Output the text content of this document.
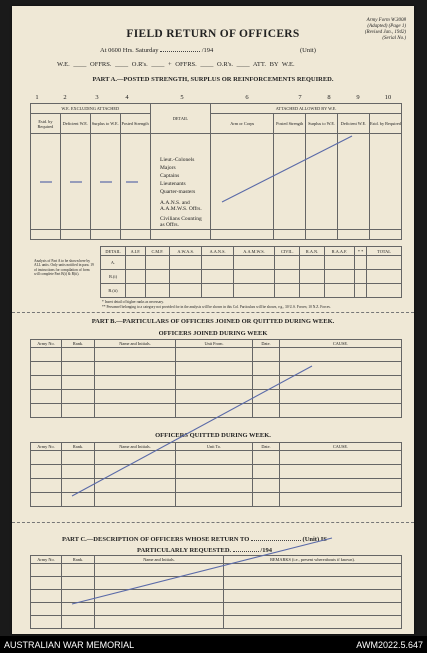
Army Form W.3008
(Adapted) (Page 1)
(Revised Jan., 1942)
(Serial No.)
FIELD RETURN OF OFFICERS
At 0600 Hrs. Saturday	/194	(Unit)
W.E. ____ OFFRS. ____ O.R's. ____ + OFFRS. ____ O.R's. ____ ATT. BY W.E.
PART A.—POSTED STRENGTH, SURPLUS OR REINFORCEMENTS REQUIRED.
1	2	3	4	5	6	7	8	9	10
W.E. EXCLUDING ATTACHED				DETAIL	ATTACHED ALLOWED BY W.E.				
Estd. by Required	Deficient W.E.	Surplus to W.E.	Posted Strength		Arm or Corps	Posted Strength	Surplus to W.E.	Deficient W.E.	Estd. by Required

Lieut.-Colonels
Majors
Captains
Lieutenants
Quarter-masters
A.A.N.S. and
A.A.M.W.S. Offrs.
Civilians Counting
as Offrs.
Analysis of Part A to be shown here by ALL units. Only units notified in para. 19 of instructions for compilation of form will complete Part B(i) & B(ii).
DETAIL	A.I.F.	C.M.F.	A.W.A.S.	A.A.N.S.	A.A.M.W.S.	CIVIL.	R.A.N.	R.A.A.F.	* *	TOTAL
A.										
B.(i)										
B.(ii)										
* Insert detail of higher ranks as necessary.
** Personnel belonging to a category not provided for in the analysis will be shown in this Col. Particulars will be shown, e.g., 30 U.S. Forces; 10 N.Z. Forces.
PART B.—PARTICULARS OF OFFICERS JOINED OR QUITTED DURING WEEK.
OFFICERS JOINED DURING WEEK
Army No.	Rank.	Name and Initials.	Unit From.	Date.	CAUSE.

OFFICERS QUITTED DURING WEEK.
Army No.	Rank.	Name and Initials.	Unit To.	Date.	CAUSE.

PART C.—DESCRIPTION OF OFFICERS WHOSE RETURN TO	(Unit) IS
PARTICULARLY REQUESTED.	/194
Army No.	Rank.	Name and Initials.	REMARKS (i.e., present whereabouts if known).

AUSTRALIAN WAR MEMORIAL	AWM2022.5.647
